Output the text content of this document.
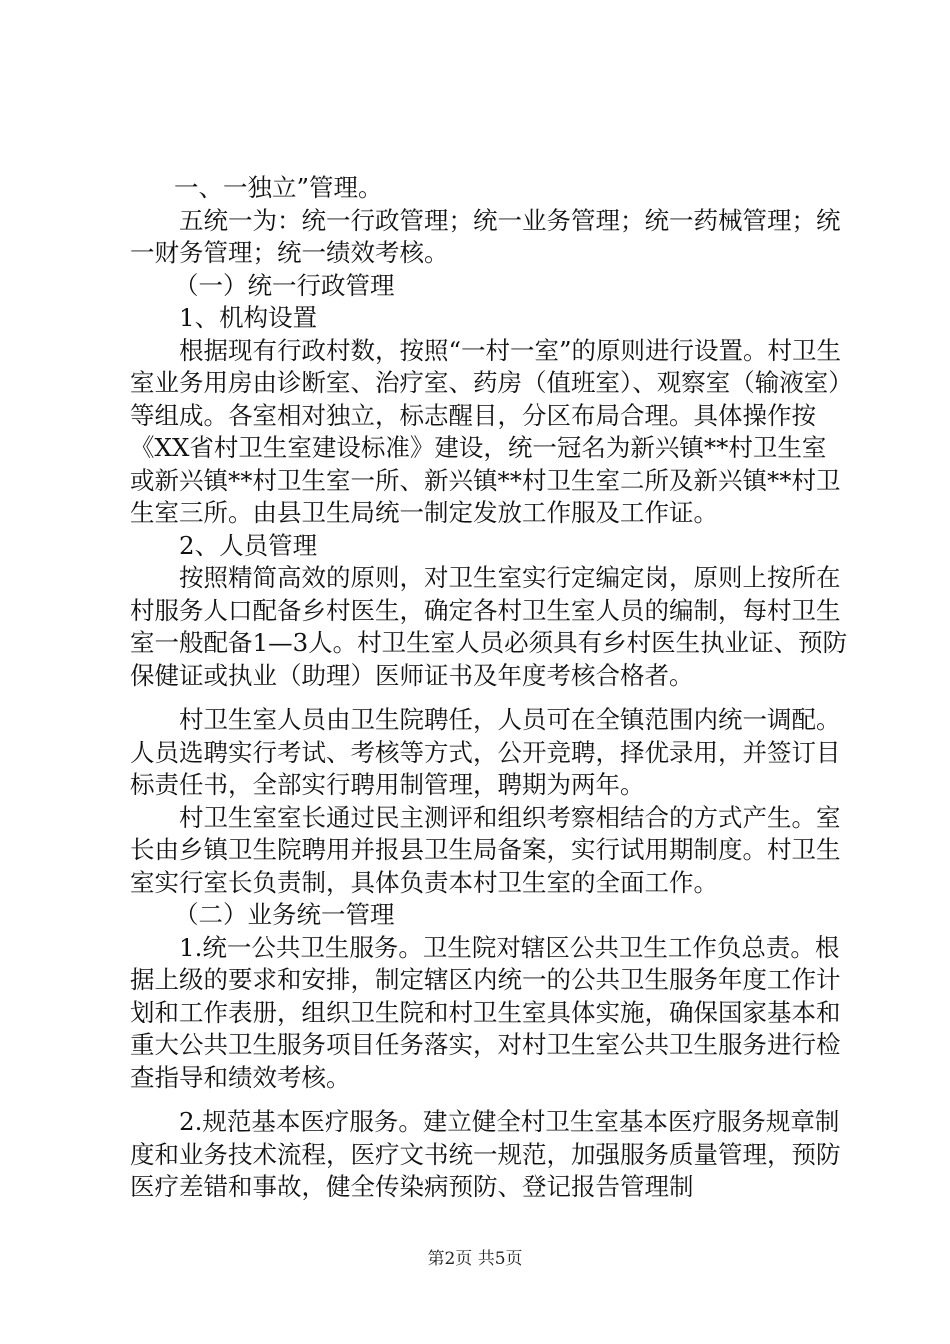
一、一独立”管理。

五统一为：统一行政管理；统一业务管理；统一药械管理；统一财务管理；统一绩效考核。

（一）统一行政管理

1、机构设置

根据现有行政村数，按照“一村一室”的原则进行设置。村卫生室业务用房由诊断室、治疗室、药房（值班室）、观察室（输液室）等组成。各室相对独立，标志醒目，分区布局合理。具体操作按《XX省村卫生室建设标准》建设，统一冠名为新兴镇**村卫生室或新兴镇**村卫生室一所、新兴镇**村卫生室二所及新兴镇**村卫生室三所。由县卫生局统一制定发放工作服及工作证。

2、人员管理

按照精简高效的原则，对卫生室实行定编定岗，原则上按所在村服务人口配备乡村医生，确定各村卫生室人员的编制，每村卫生室一般配备1—3人。村卫生室人员必须具有乡村医生执业证、预防保健证或执业（助理）医师证书及年度考核合格者。

村卫生室人员由卫生院聘任，人员可在全镇范围内统一调配。人员选聘实行考试、考核等方式，公开竞聘，择优录用，并签订目标责任书，全部实行聘用制管理，聘期为两年。

村卫生室室长通过民主测评和组织考察相结合的方式产生。室长由乡镇卫生院聘用并报县卫生局备案，实行试用期制度。村卫生室实行室长负责制，具体负责本村卫生室的全面工作。

（二）业务统一管理

1.统一公共卫生服务。卫生院对辖区公共卫生工作负总责。根据上级的要求和安排，制定辖区内统一的公共卫生服务年度工作计划和工作表册，组织卫生院和村卫生室具体实施，确保国家基本和重大公共卫生服务项目任务落实，对村卫生室公共卫生服务进行检查指导和绩效考核。

2.规范基本医疗服务。建立健全村卫生室基本医疗服务规章制度和业务技术流程，医疗文书统一规范，加强服务质量管理，预防医疗差错和事故，健全传染病预防、登记报告管理制

第2页 共5页
